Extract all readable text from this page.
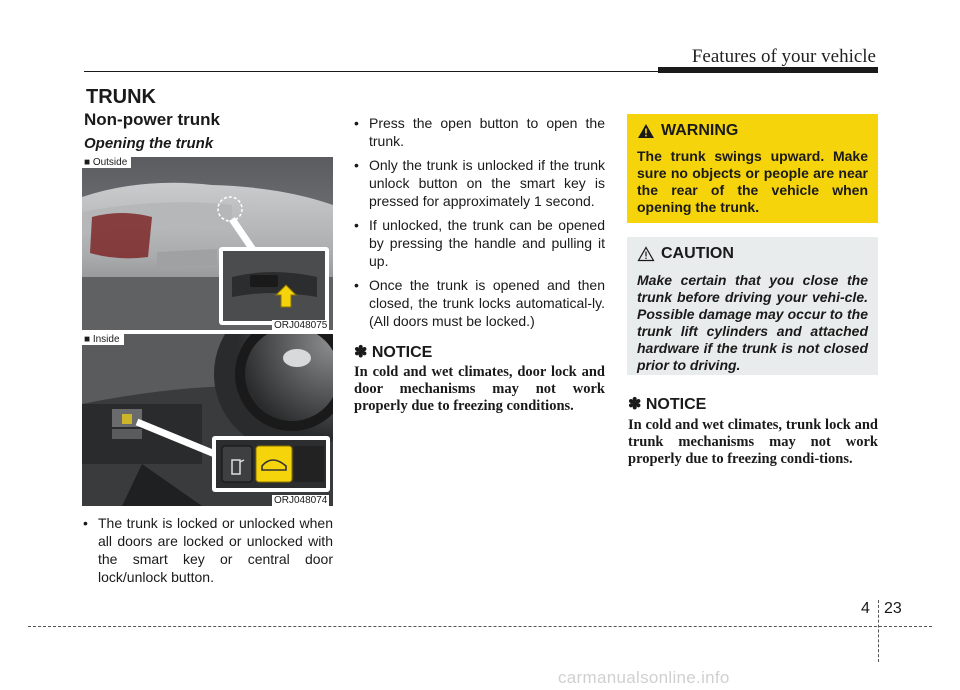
Features of your vehicle
TRUNK
Non-power trunk
Opening the trunk
■ Outside
ORJ048075
■ Inside
ORJ048074
• The trunk is locked or unlocked when all doors are locked or unlocked with the smart key or central door lock/unlock button.
• Press the open button to open the trunk.
• Only the trunk is unlocked if the trunk unlock button on the smart key is pressed for approximately 1 second.
• If unlocked, the trunk can be opened by pressing the handle and pulling it up.
• Once the trunk is opened and then closed, the trunk locks automatical-ly. (All doors must be locked.)
✽ NOTICE
In cold and wet climates, door lock and door mechanisms may not work properly due to freezing conditions.
WARNING
The trunk swings upward. Make sure no objects or people are near the rear of the vehicle when opening the trunk.
CAUTION
Make certain that you close the trunk before driving your vehi-cle. Possible damage may occur to the trunk lift cylinders and attached hardware if the trunk is not closed prior to driving.
✽ NOTICE
In cold and wet climates, trunk lock and trunk mechanisms may not work properly due to freezing condi-tions.
4 23
carmanualsonline.info
